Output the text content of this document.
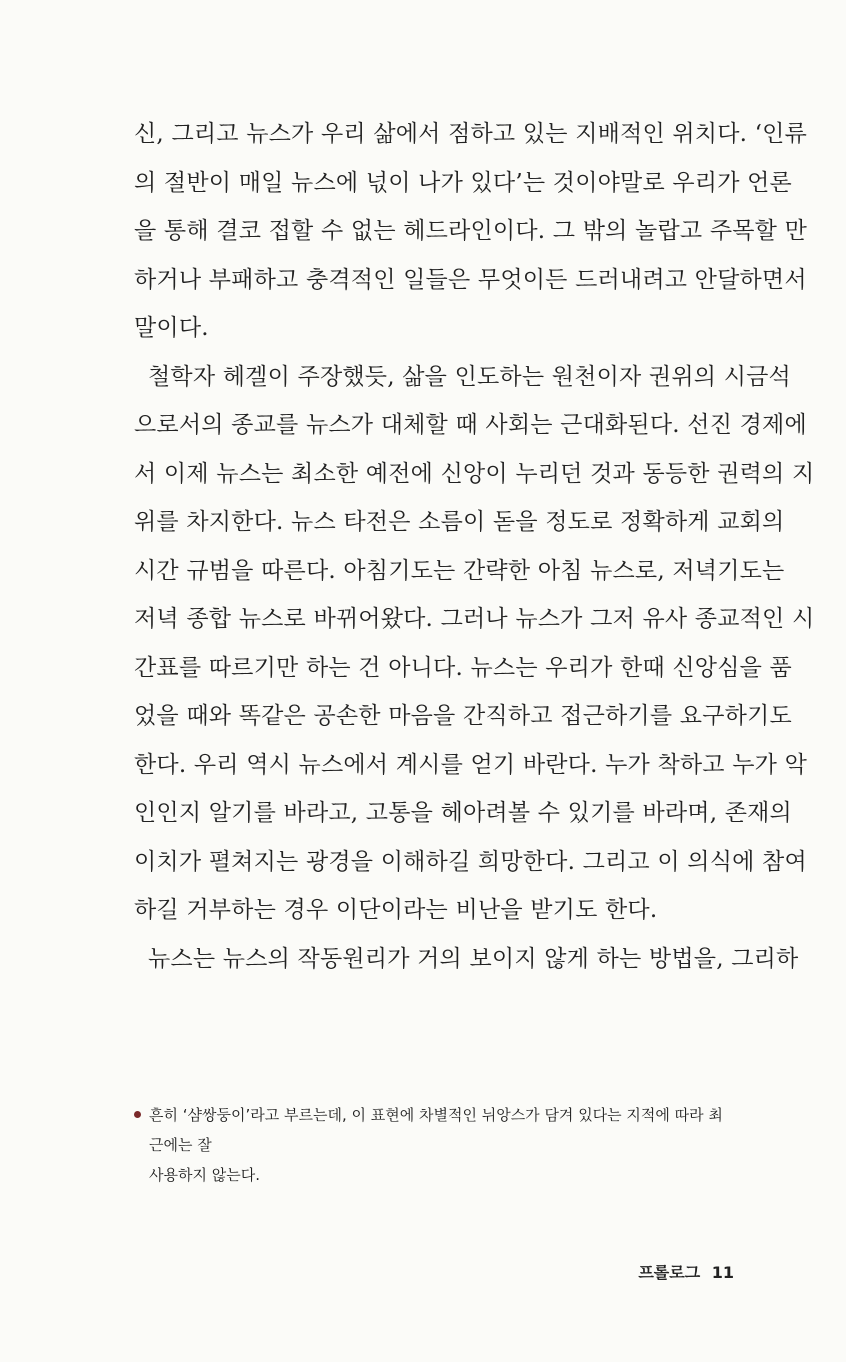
신, 그리고 뉴스가 우리 삶에서 점하고 있는 지배적인 위치다. ‘인류
의 절반이 매일 뉴스에 넋이 나가 있다’는 것이야말로 우리가 언론
을 통해 결코 접할 수 없는 헤드라인이다. 그 밖의 놀랍고 주목할 만
하거나 부패하고 충격적인 일들은 무엇이든 드러내려고 안달하면서
말이다.
철학자 헤겔이 주장했듯, 삶을 인도하는 원천이자 권위의 시금석
으로서의 종교를 뉴스가 대체할 때 사회는 근대화된다. 선진 경제에
서 이제 뉴스는 최소한 예전에 신앙이 누리던 것과 동등한 권력의 지
위를 차지한다. 뉴스 타전은 소름이 돋을 정도로 정확하게 교회의
시간 규범을 따른다. 아침기도는 간략한 아침 뉴스로, 저녁기도는
저녁 종합 뉴스로 바뀌어왔다. 그러나 뉴스가 그저 유사 종교적인 시
간표를 따르기만 하는 건 아니다. 뉴스는 우리가 한때 신앙심을 품
었을 때와 똑같은 공손한 마음을 간직하고 접근하기를 요구하기도
한다. 우리 역시 뉴스에서 계시를 얻기 바란다. 누가 착하고 누가 악
인인지 알기를 바라고, 고통을 헤아려볼 수 있기를 바라며, 존재의
이치가 펼쳐지는 광경을 이해하길 희망한다. 그리고 이 의식에 참여
하길 거부하는 경우 이단이라는 비난을 받기도 한다.
뉴스는 뉴스의 작동원리가 거의 보이지 않게 하는 방법을, 그리하
흔히 ‘샴쌍둥이’라고 부르는데, 이 표현에 차별적인 뉘앙스가 담겨 있다는 지적에 따라 최근에는 잘
사용하지 않는다.
프롤로그 11
